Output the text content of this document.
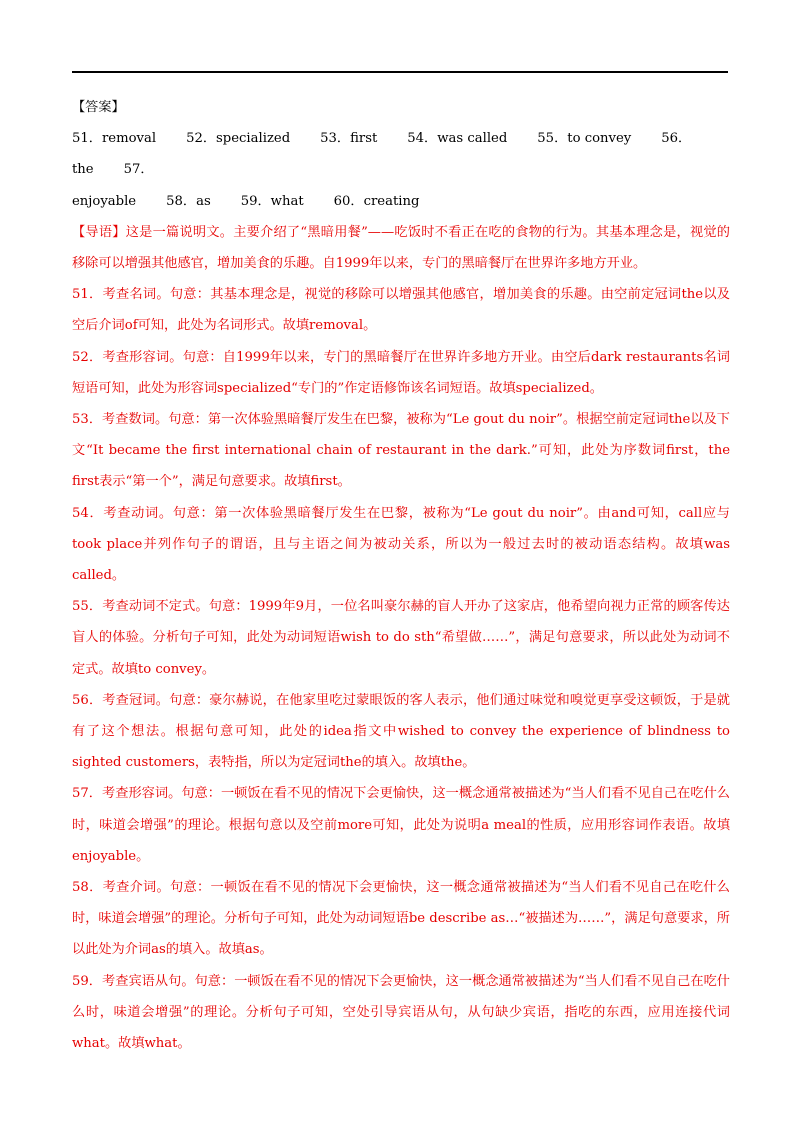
【答案】

51．removal 52．specialized 53．first 54．was called 55．to convey 56．the 57．

enjoyable 58．as 59．what 60．creating

【导语】这是一篇说明文。主要介绍了“黑暗用餐”——吃饭时不看正在吃的食物的行为。其基本理念是，视觉的移除可以增强其他感官，增加美食的乐趣。自1999年以来，专门的黑暗餐厅在世界许多地方开业。

51．考查名词。句意：其基本理念是，视觉的移除可以增强其他感官，增加美食的乐趣。由空前定冠词the以及空后介词of可知，此处为名词形式。故填removal。

52．考查形容词。句意：自1999年以来，专门的黑暗餐厅在世界许多地方开业。由空后dark restaurants名词短语可知，此处为形容词specialized“专门的”作定语修饰该名词短语。故填specialized。

53．考查数词。句意：第一次体验黑暗餐厅发生在巴黎，被称为“Le gout du noir”。根据空前定冠词the以及下文“It became the first international chain of restaurant in the dark.”可知，此处为序数词first，the first表示“第一个”，满足句意要求。故填first。

54．考查动词。句意：第一次体验黑暗餐厅发生在巴黎，被称为“Le gout du noir”。由and可知，call应与took place并列作句子的谓语，且与主语之间为被动关系，所以为一般过去时的被动语态结构。故填was called。

55．考查动词不定式。句意：1999年9月，一位名叫豪尔赫的盲人开办了这家店，他希望向视力正常的顾客传达盲人的体验。分析句子可知，此处为动词短语wish to do sth“希望做……”，满足句意要求，所以此处为动词不定式。故填to convey。

56．考查冠词。句意：豪尔赫说，在他家里吃过蒙眼饭的客人表示，他们通过味觉和嗅觉更享受这顿饭，于是就有了这个想法。根据句意可知，此处的idea指文中wished to convey the experience of blindness to sighted customers，表特指，所以为定冠词the的填入。故填the。

57．考查形容词。句意：一顿饭在看不见的情况下会更愉快，这一概念通常被描述为“当人们看不见自己在吃什么时，味道会增强”的理论。根据句意以及空前more可知，此处为说明a meal的性质，应用形容词作表语。故填enjoyable。

58．考查介词。句意：一顿饭在看不见的情况下会更愉快，这一概念通常被描述为“当人们看不见自己在吃什么时，味道会增强”的理论。分析句子可知，此处为动词短语be describe as…“被描述为……”，满足句意要求，所以此处为介词as的填入。故填as。

59．考查宾语从句。句意：一顿饭在看不见的情况下会更愉快，这一概念通常被描述为“当人们看不见自己在吃什么时，味道会增强”的理论。分析句子可知，空处引导宾语从句，从句缺少宾语，指吃的东西，应用连接代词what。故填what。
